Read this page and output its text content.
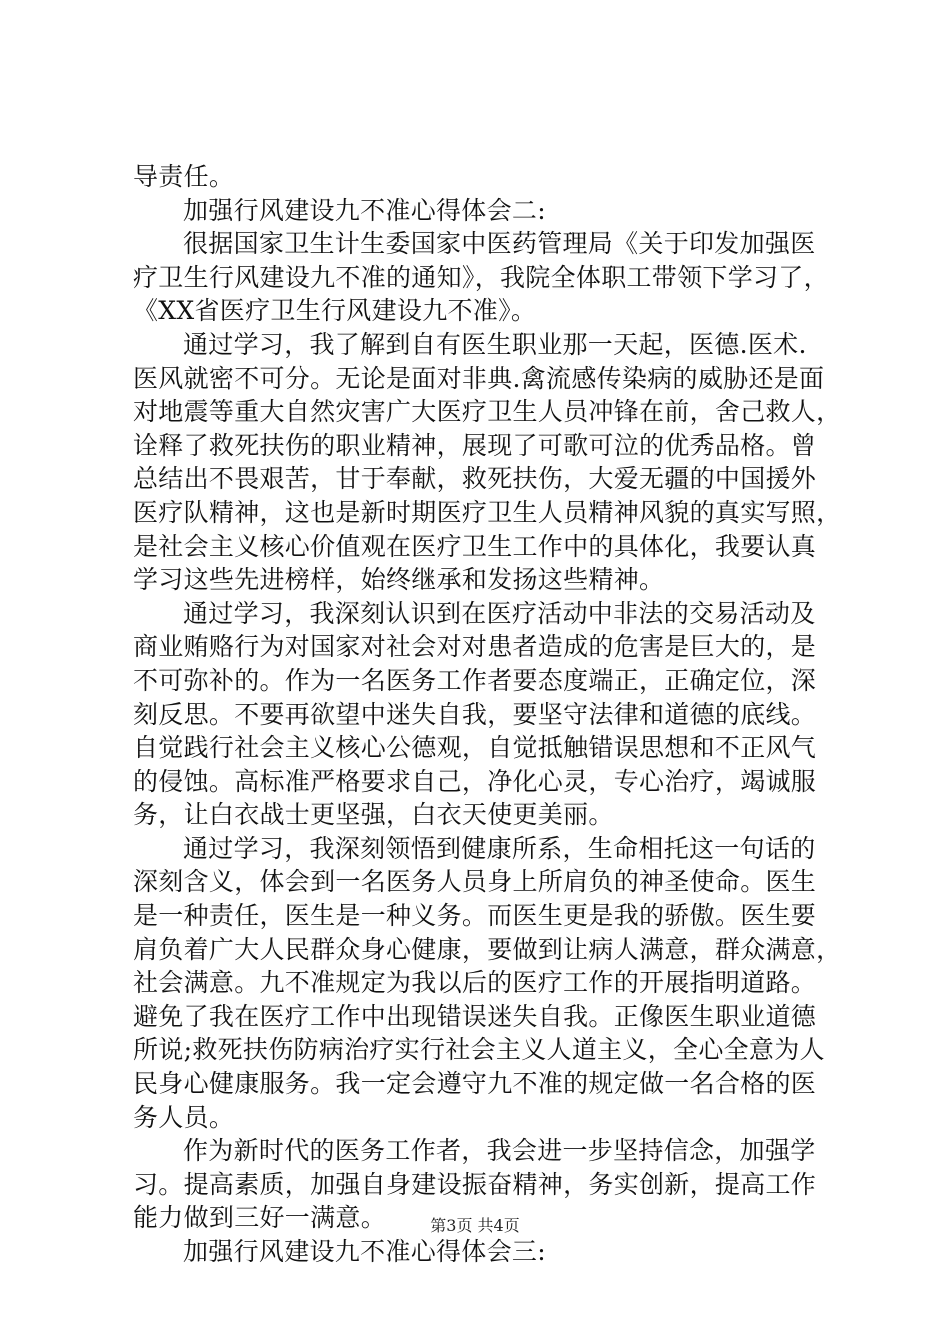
导责任。
加强行风建设九不准心得体会二:
很据国家卫生计生委国家中医药管理局《关于印发加强医
疗卫生行风建设九不准的通知》，我院全体职工带领下学习了，
《XX省医疗卫生行风建设九不准》。
通过学习，我了解到自有医生职业那一天起，医德.医术.
医风就密不可分。无论是面对非典.禽流感传染病的威胁还是面
对地震等重大自然灾害广大医疗卫生人员冲锋在前，舍己救人，
诠释了救死扶伤的职业精神，展现了可歌可泣的优秀品格。曾
总结出不畏艰苦，甘于奉献，救死扶伤，大爱无疆的中国援外
医疗队精神，这也是新时期医疗卫生人员精神风貌的真实写照，
是社会主义核心价值观在医疗卫生工作中的具体化，我要认真
学习这些先进榜样，始终继承和发扬这些精神。
通过学习，我深刻认识到在医疗活动中非法的交易活动及
商业贿赂行为对国家对社会对对患者造成的危害是巨大的，是
不可弥补的。作为一名医务工作者要态度端正，正确定位，深
刻反思。不要再欲望中迷失自我，要坚守法律和道德的底线。
自觉践行社会主义核心公德观，自觉抵触错误思想和不正风气
的侵蚀。高标准严格要求自己，净化心灵，专心治疗，竭诚服
务，让白衣战士更坚强，白衣天使更美丽。
通过学习，我深刻领悟到健康所系，生命相托这一句话的
深刻含义，体会到一名医务人员身上所肩负的神圣使命。医生
是一种责任，医生是一种义务。而医生更是我的骄傲。医生要
肩负着广大人民群众身心健康，要做到让病人满意，群众满意，
社会满意。九不准规定为我以后的医疗工作的开展指明道路。
避免了我在医疗工作中出现错误迷失自我。正像医生职业道德
所说;救死扶伤防病治疗实行社会主义人道主义，全心全意为人
民身心健康服务。我一定会遵守九不准的规定做一名合格的医
务人员。
作为新时代的医务工作者，我会进一步坚持信念，加强学
习。提高素质，加强自身建设振奋精神，务实创新，提高工作
能力做到三好一满意。
加强行风建设九不准心得体会三:
第3页 共4页
